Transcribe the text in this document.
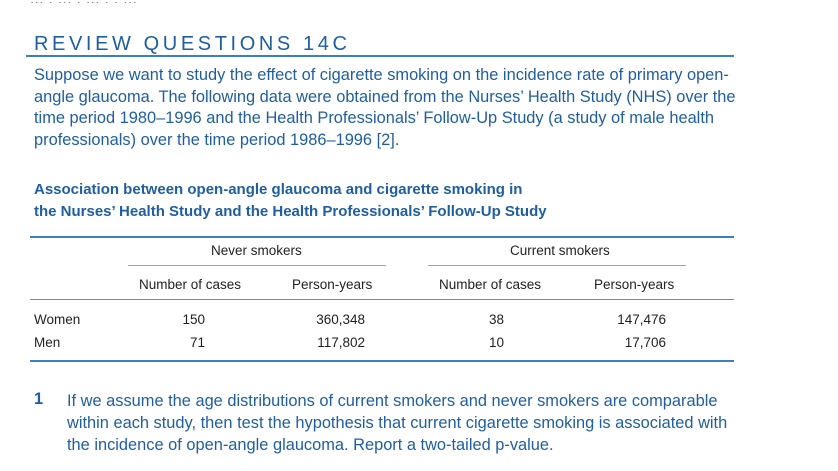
REVIEW QUESTIONS 14C

Suppose we want to study the effect of cigarette smoking on the incidence rate of primary open-angle glaucoma. The following data were obtained from the Nurses’ Health Study (NHS) over the time period 1980–1996 and the Health Professionals’ Follow-Up Study (a study of male health professionals) over the time period 1986–1996 [2].

Association between open-angle glaucoma and cigarette smoking in
the Nurses’ Health Study and the Health Professionals’ Follow-Up Study
Never smokers	Current smokers
Number of cases	Person-years	Number of cases	Person-years
Women	150	360,348	38	147,476
Men	71	117,802	10	17,706
1 If we assume the age distributions of current smokers and never smokers are comparable within each study, then test the hypothesis that current cigarette smoking is associated with the incidence of open-angle glaucoma. Report a two-tailed p-value.
